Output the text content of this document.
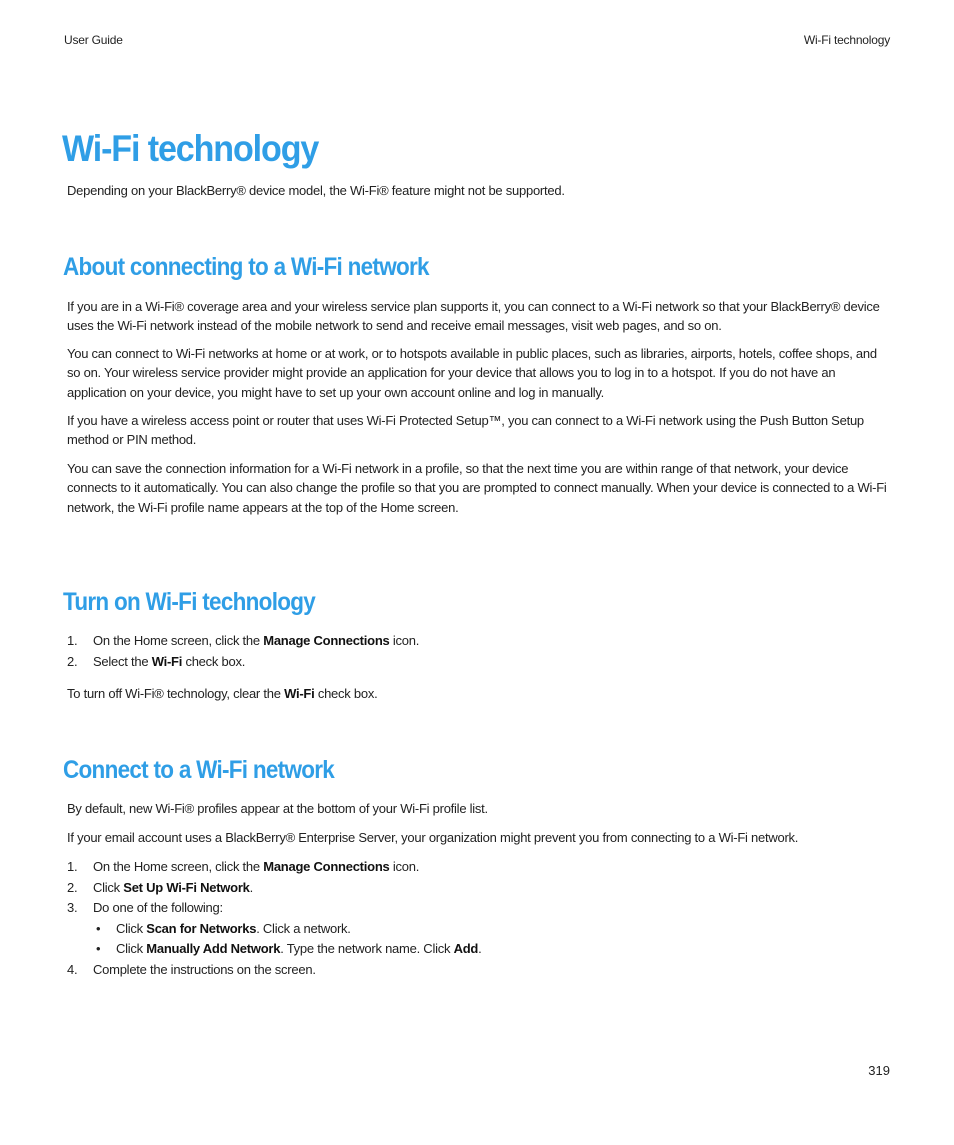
User Guide	Wi-Fi technology
Wi-Fi technology

Depending on your BlackBerry® device model, the Wi-Fi® feature might not be supported.

About connecting to a Wi-Fi network

If you are in a Wi-Fi® coverage area and your wireless service plan supports it, you can connect to a Wi-Fi network so that your BlackBerry® device uses the Wi-Fi network instead of the mobile network to send and receive email messages, visit web pages, and so on.

You can connect to Wi-Fi networks at home or at work, or to hotspots available in public places, such as libraries, airports, hotels, coffee shops, and so on. Your wireless service provider might provide an application for your device that allows you to log in to a hotspot. If you do not have an application on your device, you might have to set up your own account online and log in manually.

If you have a wireless access point or router that uses Wi-Fi Protected Setup™, you can connect to a Wi-Fi network using the Push Button Setup method or PIN method.

You can save the connection information for a Wi-Fi network in a profile, so that the next time you are within range of that network, your device connects to it automatically. You can also change the profile so that you are prompted to connect manually. When your device is connected to a Wi-Fi network, the Wi-Fi profile name appears at the top of the Home screen.

Turn on Wi-Fi technology
1. On the Home screen, click the Manage Connections icon.
2. Select the Wi-Fi check box.

To turn off Wi-Fi® technology, clear the Wi-Fi check box.

Connect to a Wi-Fi network

By default, new Wi-Fi® profiles appear at the bottom of your Wi-Fi profile list.

If your email account uses a BlackBerry® Enterprise Server, your organization might prevent you from connecting to a Wi-Fi network.

1. On the Home screen, click the Manage Connections icon.
2. Click Set Up Wi-Fi Network.
3. Do one of the following:
• Click Scan for Networks. Click a network.
• Click Manually Add Network. Type the network name. Click Add.
4. Complete the instructions on the screen.
319
